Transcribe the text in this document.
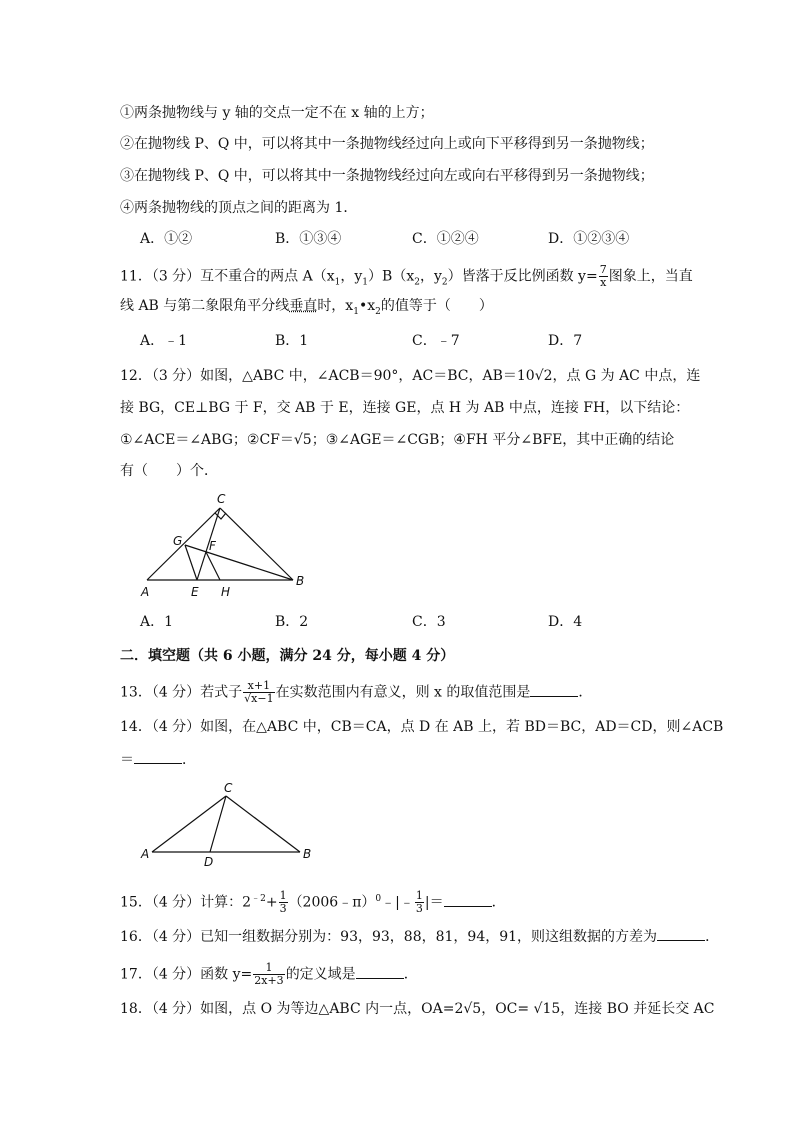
①两条抛物线与 y 轴的交点一定不在 x 轴的上方；
②在抛物线 P、Q 中，可以将其中一条抛物线经过向上或向下平移得到另一条抛物线；
③在抛物线 P、Q 中，可以将其中一条抛物线经过向左或向右平移得到另一条抛物线；
④两条抛物线的顶点之间的距离为 1．
A．①②	B．①③④	C．①②④	D．①②③④
11．（3 分）互不重合的两点 $A(x_1$，$y_1)B(x_2$，$y_2$）皆落于反比例函数 $y= \frac{7}{x}$ 图象上，当直
线 AB 与第二象限角平分线垂直时，$x_1•x_2$的值等于（　　）
A．﹣1	B．1	C．﹣7	D．7
12．（3 分）如图，△ABC 中，∠ACB＝90°，AC＝BC，AB＝10√2，点 G 为 AC 中点，连
接 BG，CE⊥BG 于 F，交 AB 于 E，连接 GE，点 H 为 AB 中点，连接 FH，以下结论：
①∠ACE＝∠ABG；②CF＝√5；③∠AGE＝∠CGB；④FH 平分∠BFE，其中正确的结论
有（　　）个．
C
G F
A	E H
B
A．1	B．2	C．3	D．4
二．填空题（共 6 小题，满分 24 分，每小题 4 分）
13．（4 分）若式子 $\frac{x+1}{√x-1}$ 在实数范围内有意义，则 x 的取值范围是	．
14．（4 分）如图，在△ABC 中，CB＝CA，点 D 在 AB 上，若 BD＝BC，AD＝CD，则∠ACB
＝	．
C
A
D
B
15．（4 分）计算：$2^{﹣2}+ \frac{1}{3}$ （2006﹣π）$^0$﹣|﹣ $\frac{1}{3}$ |＝	．
16．（4 分）已知一组数据分别为：93，93，88，81，94，91，则这组数据的方差为	．
17．（4 分）函数 $y= \frac{1}{2x+3}$ 的定义域是	．
18．（4 分）如图，点 O 为等边△ABC 内一点，OA=2√5，OC= √15，连接 BO 并延长交 AC
